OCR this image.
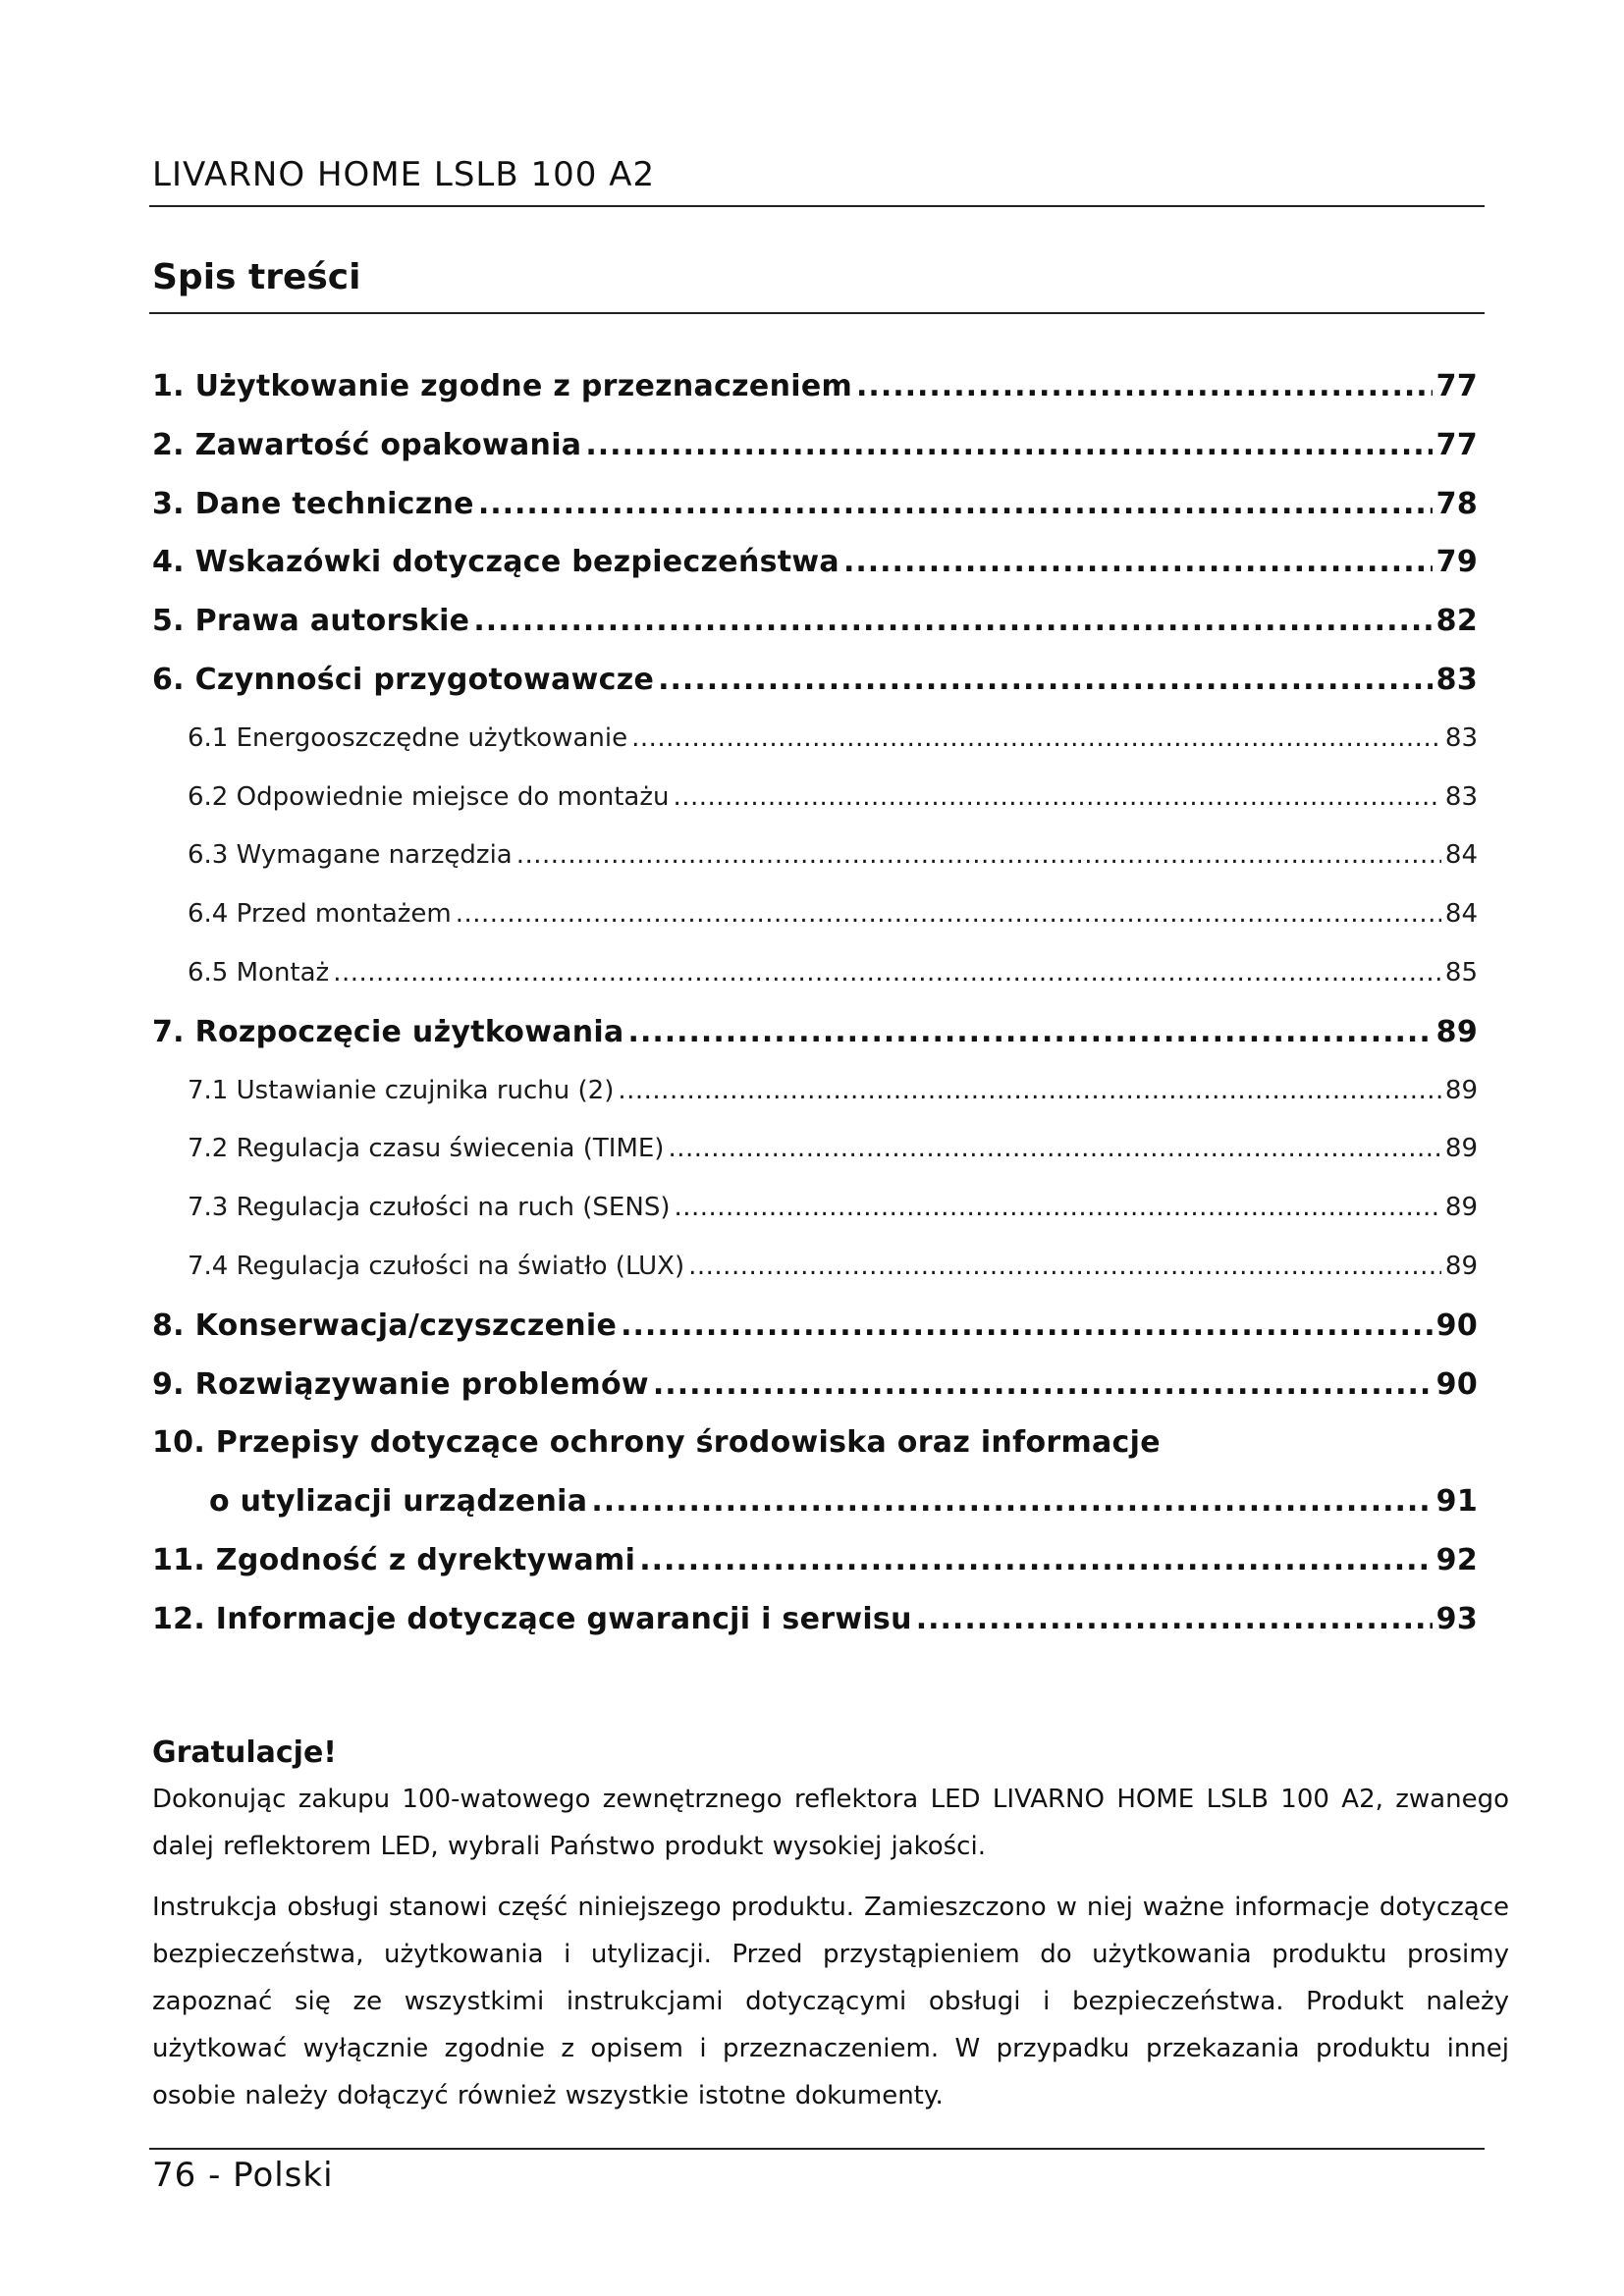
LIVARNO HOME LSLB 100 A2
Spis treści
1. Użytkowanie zgodne z przeznaczeniem .....	77
2. Zawartość opakowania .....	77
3. Dane techniczne .....	78
4. Wskazówki dotyczące bezpieczeństwa .....	79
5. Prawa autorskie .....	82
6. Czynności przygotowawcze .....	83
6.1 Energooszczędne użytkowanie .....	83
6.2 Odpowiednie miejsce do montażu .....	83
6.3 Wymagane narzędzia .....	84
6.4 Przed montażem .....	84
6.5 Montaż .....	85
7. Rozpoczęcie użytkowania .....	89
7.1 Ustawianie czujnika ruchu (2) .....	89
7.2 Regulacja czasu świecenia (TIME) .....	89
7.3 Regulacja czułości na ruch (SENS) .....	89
7.4 Regulacja czułości na światło (LUX) .....	89
8. Konserwacja/czyszczenie .....	90
9. Rozwiązywanie problemów .....	90
10. Przepisy dotyczące ochrony środowiska oraz informacje
o utylizacji urządzenia .....	91
11. Zgodność z dyrektywami .....	92
12. Informacje dotyczące gwarancji i serwisu .....	93
Gratulacje!

Dokonując zakupu 100-watowego zewnętrznego reflektora LED LIVARNO HOME LSLB 100 A2, zwanego dalej reflektorem LED, wybrali Państwo produkt wysokiej jakości.

Instrukcja obsługi stanowi część niniejszego produktu. Zamieszczono w niej ważne informacje dotyczące bezpieczeństwa, użytkowania i utylizacji. Przed przystąpieniem do użytkowania produktu prosimy zapoznać się ze wszystkimi instrukcjami dotyczącymi obsługi i bezpieczeństwa. Produkt należy użytkować wyłącznie zgodnie z opisem i przeznaczeniem. W przypadku przekazania produktu innej osobie należy dołączyć również wszystkie istotne dokumenty.

76 - Polski
